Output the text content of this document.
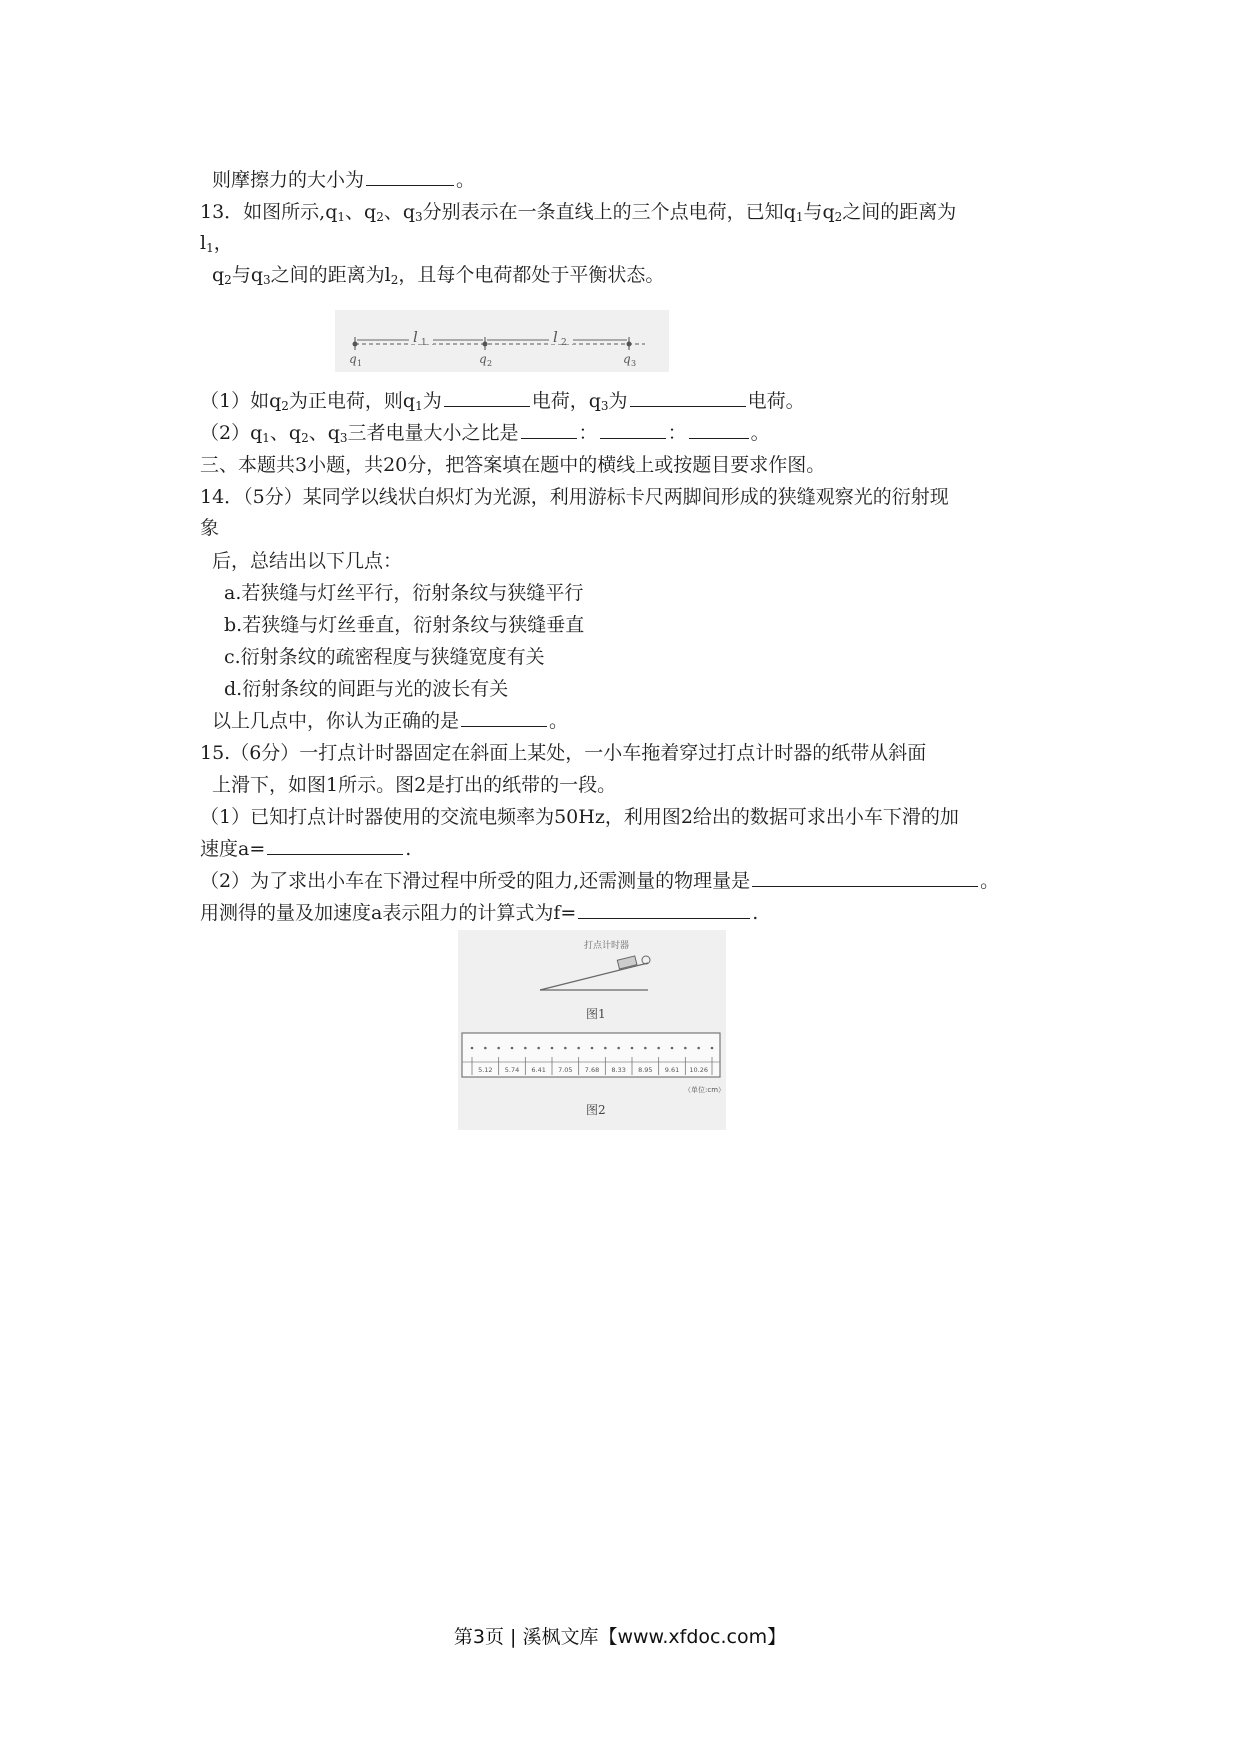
则摩擦力的大小为	。
13．如图所示$,q_1$、$q_2$、$q_3$分别表示在一条直线上的三个点电荷，已知$q_1$与$q_2$之间的距离为
$l_1$，
$q_2$与$q_3$之间的距离为$l_2$，且每个电荷都处于平衡状态。
l 1	l 2
q 1	q 2	q 3
（1）如$q_2$为正电荷，则$q_1$为	电荷，$q_3$为	电荷。
$(2)q_1$、$q_2$、$q_3$三者电量大小之比是	：	：	。
三、本题共3小题，共20分，把答案填在题中的横线上或按题目要求作图。
14．（5分）某同学以线状白炽灯为光源，利用游标卡尺两脚间形成的狭缝观察光的衍射现
象
后，总结出以下几点：
a.若狭缝与灯丝平行，衍射条纹与狭缝平行
b.若狭缝与灯丝垂直，衍射条纹与狭缝垂直
c.衍射条纹的疏密程度与狭缝宽度有关
d.衍射条纹的间距与光的波长有关
以上几点中，你认为正确的是	。
15.（6分）一打点计时器固定在斜面上某处，一小车拖着穿过打点计时器的纸带从斜面
上滑下，如图1所示。图2是打出的纸带的一段。
（1）已知打点计时器使用的交流电频率为50Hz，利用图2给出的数据可求出小车下滑的加
速度a=	.
（2）为了求出小车在下滑过程中所受的阻力,还需测量的物理量是	。
用测得的量及加速度a表示阻力的计算式为f=	.
打点计时器
图1
5.12 5.74 6.41 7.05 7.68 8.33 8.95 9.61 10.26
（单位:cm）
图2
第3页 | 溪枫文库【www.xfdoc.com】
